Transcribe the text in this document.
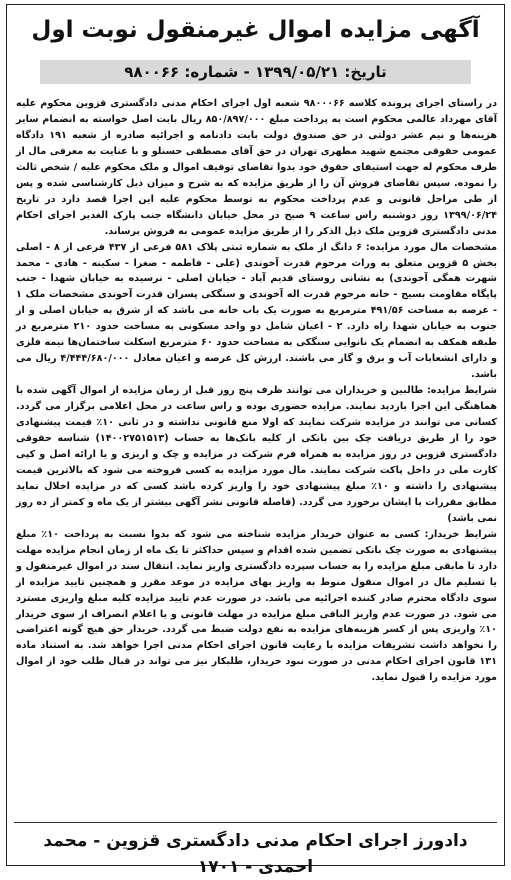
آگهی مزایده اموال غیرمنقول نوبت اول
تاریخ: ۱۳۹۹/۰۵/۲۱ - شماره: ۹۸۰۰۶۶

در راستای اجرای پرونده کلاسه ۹۸۰۰۰۶۶ شعبه اول اجرای احکام مدنی دادگستری قزوین محکوم علیه آقای مهرداد عالمی محکوم است به پرداخت مبلغ ۸۵۰/۸۹۷/۰۰۰ ریال بابت اصل خواسته به انضمام سایر هزینه‌ها و نیم عشر دولتی در حق صندوق دولت بابت دادنامه و اجرائیه صادره از شعبه ۱۹۱ دادگاه عمومی حقوقی مجتمع شهید مطهری تهران در حق آقای مصطفی حسنلو و با عنایت به معرفی مال از طرف محکوم له جهت استیفای حقوق خود بدوا تقاضای توقیف اموال و ملک محکوم علیه / شخص ثالث را نموده. سپس تقاضای فروش آن را از طریق مزایده که به شرح و میزان ذیل کارشناسی شده و پس از طی مراحل قانونی و عدم پرداخت محکوم به توسط محکوم علیه این اجرا قصد دارد در تاریخ ۱۳۹۹/۰۶/۲۴ روز دوشنبه راس ساعت ۹ صبح در محل خیابان دانشگاه جنب پارک الغدیر اجرای احکام مدنی دادگستری قزوین ملک ذیل الذکر را از طریق مزایده عمومی به فروش برساند.

مشخصات مال مورد مزایده: ۶ دانگ از ملک به شماره ثبتی پلاک ۵۸۱ فرعی از ۴۳۷ فرعی از ۸ - اصلی بخش ۵ قزوین متعلق به وراث مرحوم قدرت آخوندی (علی - فاطمه - صغرا - سکینه - هادی - محمد شهرت همگی آخوندی) به نشانی روستای قدیم آباد - خیابان اصلی - نرسیده به خیابان شهدا - جنب پایگاه مقاومت بسیج - خانه مرحوم قدرت اله آخوندی و سنگکی پسران قدرت آخوندی مشخصات ملک ۱ - عرصه به مساحت ۴۹۱/۵۶ مترمربع به صورت یک باب خانه می باشد که از شرق به خیابان اصلی و از جنوب به خیابان شهدا راه دارد. ۲ - اعیان شامل دو واحد مسکونی به مساحت حدود ۲۱۰ مترمربع در طبقه همکف به انضمام یک نانوایی سنگکی به مساحت حدود ۶۰ مترمربع اسکلت ساختمان‌ها نیمه فلزی و دارای انشعابات آب و برق و گاز می باشند. ارزش کل عرصه و اعیان معادل ۴/۴۴۴/۶۸۰/۰۰۰ ریال می باشد.

شرایط مزایده: طالبین و خریداران می توانند ظرف پنج روز قبل از زمان مزایده از اموال آگهی شده با هماهنگی این اجرا بازدید نمایند. مزایده حضوری بوده و راس ساعت در محل اعلامی برگزار می گردد. کسانی می توانند در مزایده شرکت نمایند که اولا منع قانونی نداشته و در ثانی ۱۰٪ قیمت پیشنهادی خود را از طریق دریافت چک بین بانکی از کلیه بانک‌ها به حساب (۱۴۰۰۲۷۵۱۵۱۳) شناسه حقوقی دادگستری قزوین در روز مزایده به همراه فرم شرکت در مزایده و چک و اریزی و یا ارائه اصل و کپی کارت ملی در داخل پاکت شرکت نمایند. مال مورد مزایده به کسی فروخته می شود که بالاترین قیمت پیشنهادی را داشته و ۱۰٪ مبلغ پیشنهادی خود را واریز کرده باشد کسی که در مزایده اخلال نماید مطابق مقررات با ایشان برخورد می گردد. (فاصله قانونی نشر آگهی بیشتر از یک ماه و کمتر از ده روز نمی باشد)

شرایط خریدار: کسی به عنوان خریدار مزایده شناخته می شود که بدوا نسبت به پرداخت ۱۰٪ مبلغ پیشنهادی به صورت چک بانکی تضمین شده اقدام و سپس حداکثر تا یک ماه از زمان انجام مزایده مهلت دارد تا مابقی مبلغ مزایده را به حساب سپرده دادگستری واریز نماید. انتقال سند در اموال غیرمنقول و یا تسلیم مال در اموال منقول منوط به واریز بهای مزایده در موعد مقرر و همچنین تایید مزایده از سوی دادگاه محترم صادر کننده اجرائیه می باشد. در صورت عدم تایید مزایده کلیه مبلغ واریزی مسترد می شود. در صورت عدم واریز الباقی مبلغ مزایده در مهلت قانونی و یا اعلام انصراف از سوی خریدار ۱۰٪ واریزی پس از کسر هزینه‌های مزایده به نفع دولت ضبط می گردد. خریدار حق هیچ گونه اعتراضی را نخواهد داشت تشریفات مزایده با رعایت قانون اجرای احکام مدنی اجرا خواهد شد. به استناد ماده ۱۳۱ قانون اجرای احکام مدنی در صورت نبود خریدار، طلبکار نیز می تواند در قبال طلب خود از اموال مورد مزایده را قبول نماید.

دادورز اجرای احکام مدنی دادگستری قزوین - محمد احمدی - ۱۷۰۱
